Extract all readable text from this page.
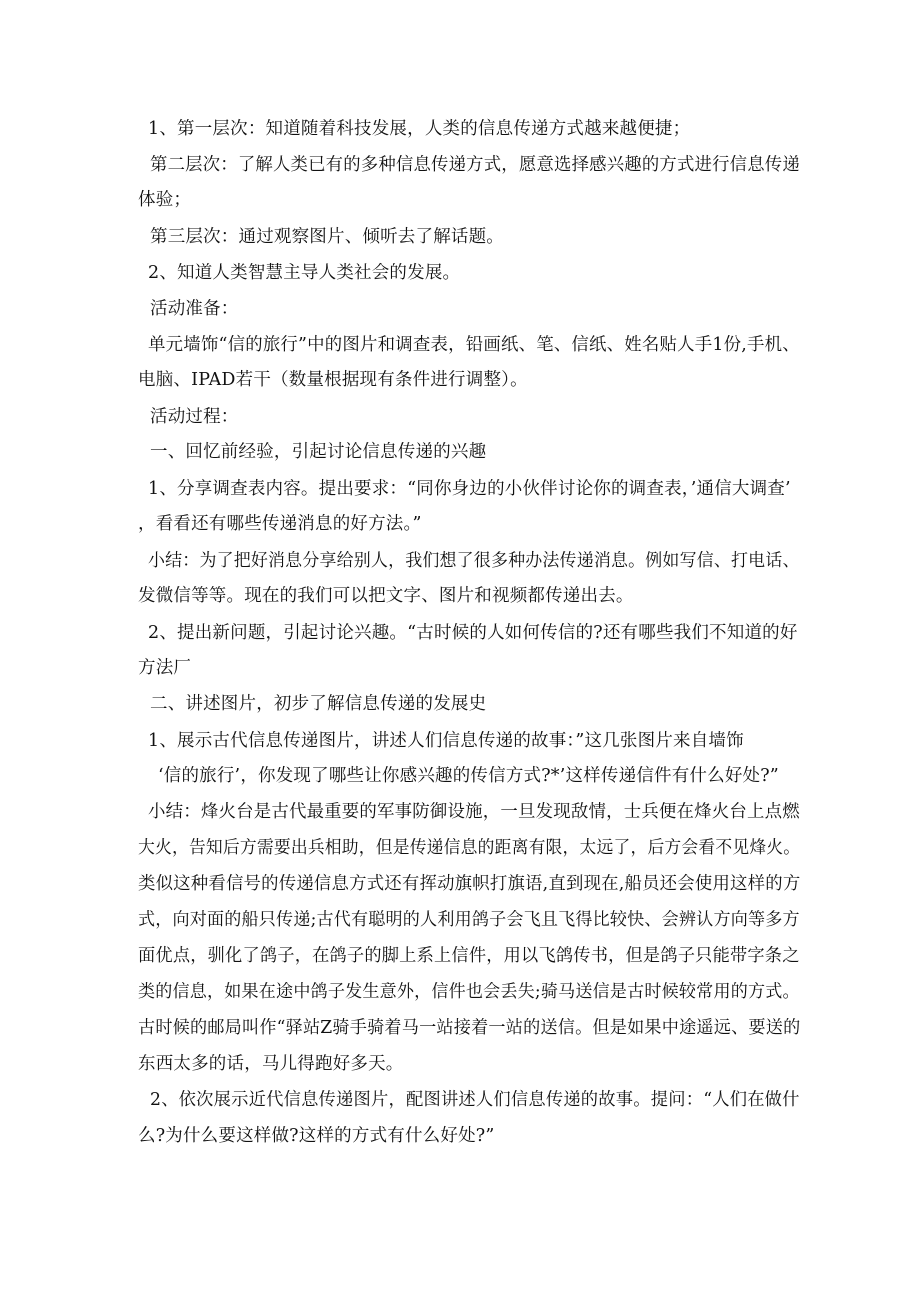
1、第一层次：知道随着科技发展，人类的信息传递方式越来越便捷；
第二层次：了解人类已有的多种信息传递方式，愿意选择感兴趣的方式进行信息传递
体验；
第三层次：通过观察图片、倾听去了解话题。
2、知道人类智慧主导人类社会的发展。
活动准备：
单元墙饰“信的旅行”中的图片和调查表，铅画纸、笔、信纸、姓名贴人手1份,手机、
电脑、IPAD若干（数量根据现有条件进行调整）。
活动过程：
一、回忆前经验，引起讨论信息传递的兴趣
1、分享调查表内容。提出要求：“同你身边的小伙伴讨论你的调查表，’通信大调查’
，看看还有哪些传递消息的好方法。”
小结：为了把好消息分享给别人，我们想了很多种办法传递消息。例如写信、打电话、
发微信等等。现在的我们可以把文字、图片和视频都传递出去。
2、提出新问题，引起讨论兴趣。“古时候的人如何传信的?还有哪些我们不知道的好
方法厂
二、讲述图片，初步了解信息传递的发展史
1、展示古代信息传递图片，讲述人们信息传递的故事：”这几张图片来自墙饰
‘信的旅行’，你发现了哪些让你感兴趣的传信方式?*’这样传递信件有什么好处?”
小结：烽火台是古代最重要的军事防御设施，一旦发现敌情，士兵便在烽火台上点燃
大火，告知后方需要出兵相助，但是传递信息的距离有限，太远了，后方会看不见烽火。
类似这种看信号的传递信息方式还有挥动旗帜打旗语,直到现在,船员还会使用这样的方
式，向对面的船只传递;古代有聪明的人利用鸽子会飞且飞得比较快、会辨认方向等多方
面优点，驯化了鸽子，在鸽子的脚上系上信件，用以飞鸽传书，但是鸽子只能带字条之
类的信息，如果在途中鸽子发生意外，信件也会丢失;骑马送信是古时候较常用的方式。
古时候的邮局叫作“驿站Z骑手骑着马一站接着一站的送信。但是如果中途遥远、要送的
东西太多的话，马儿得跑好多天。
2、依次展示近代信息传递图片，配图讲述人们信息传递的故事。提问：“人们在做什
么?为什么要这样做?这样的方式有什么好处?”
